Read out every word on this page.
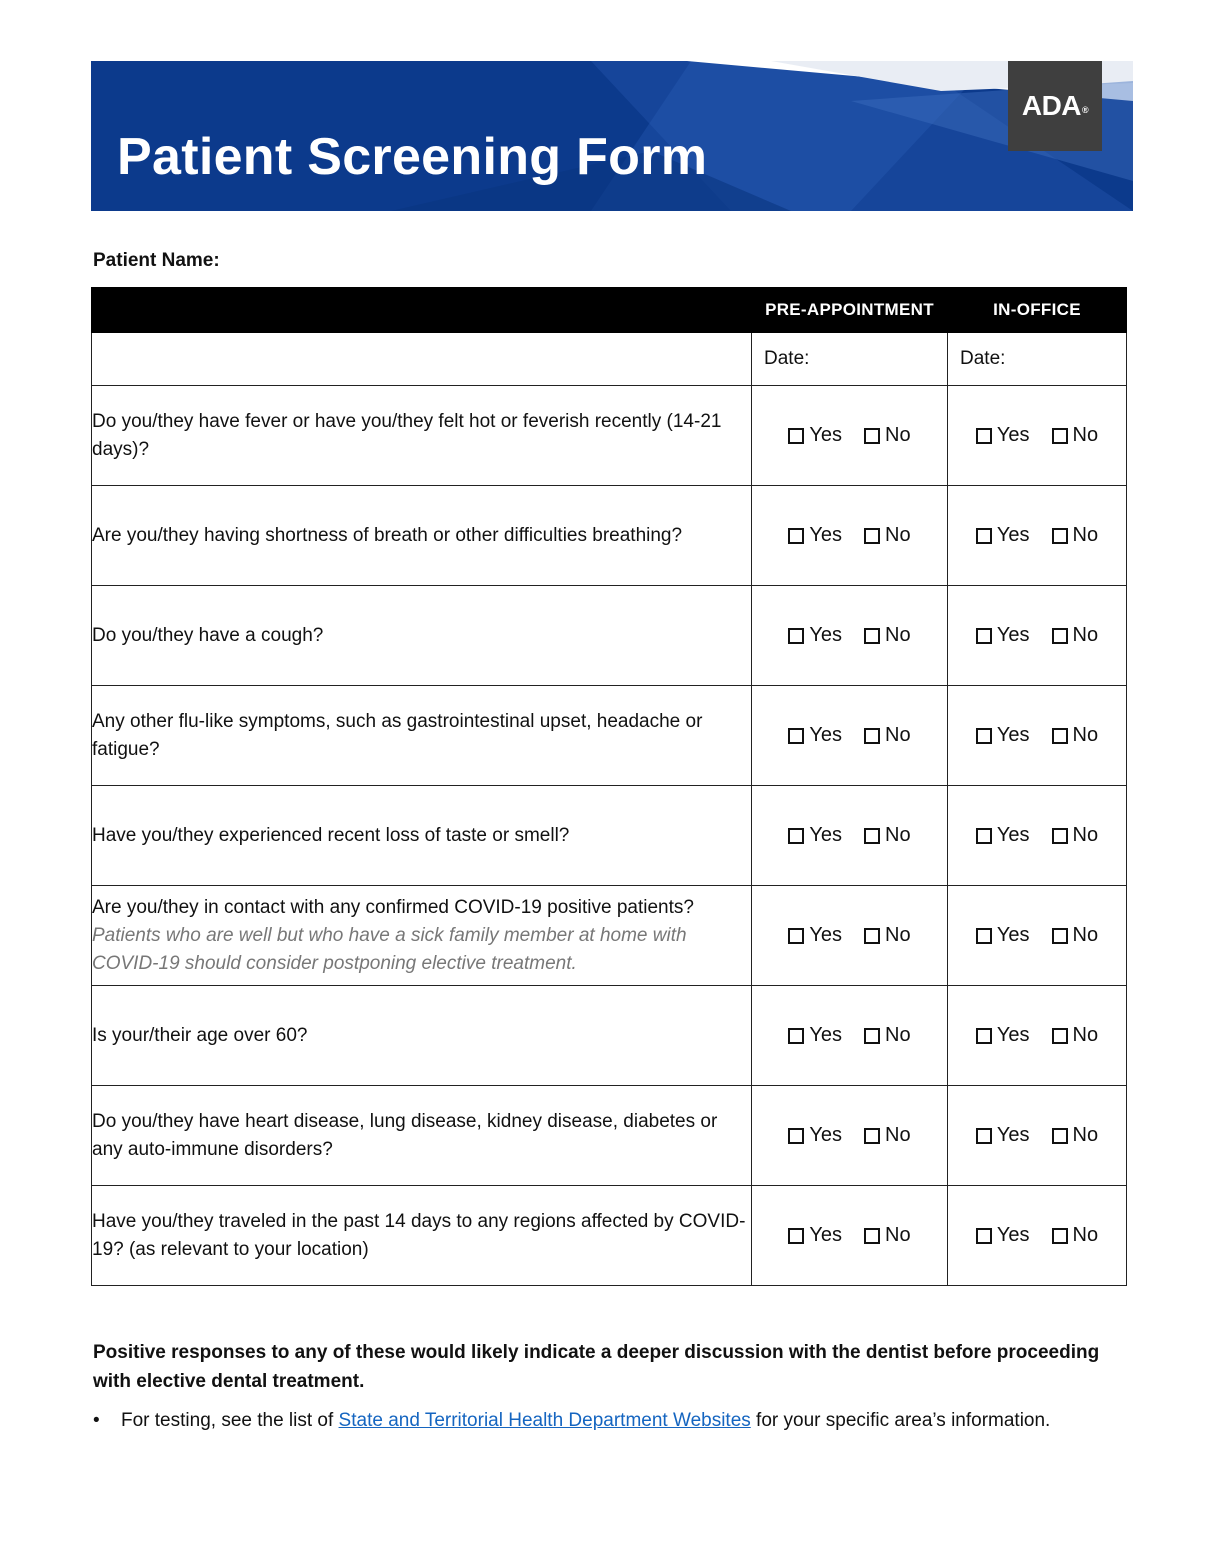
Patient Screening Form
ADA®
Patient Name:
	PRE-APPOINTMENT	IN-OFFICE
	Date:	Date:
Do you/they have fever or have you/they felt hot or feverish recently (14-21 days)?	Yes No	Yes No

Are you/they having shortness of breath or other difficulties breathing?	Yes No	Yes No

Do you/they have a cough?	Yes No	Yes No

Any other flu-like symptoms, such as gastrointestinal upset, headache or fatigue?	Yes No	Yes No

Have you/they experienced recent loss of taste or smell?	Yes No	Yes No

Are you/they in contact with any confirmed COVID-19 positive patients?
Patients who are well but who have a sick family member at home with COVID-19 should consider postponing elective treatment.	Yes No	Yes No

Is your/their age over 60?	Yes No	Yes No

Do you/they have heart disease, lung disease, kidney disease, diabetes or any auto-immune disorders?	Yes No	Yes No

Have you/they traveled in the past 14 days to any regions affected by COVID-19? (as relevant to your location)	Yes No	Yes No
Positive responses to any of these would likely indicate a deeper discussion with the dentist before proceeding with elective dental treatment.
• For testing, see the list of State and Territorial Health Department Websites for your specific area’s information.
